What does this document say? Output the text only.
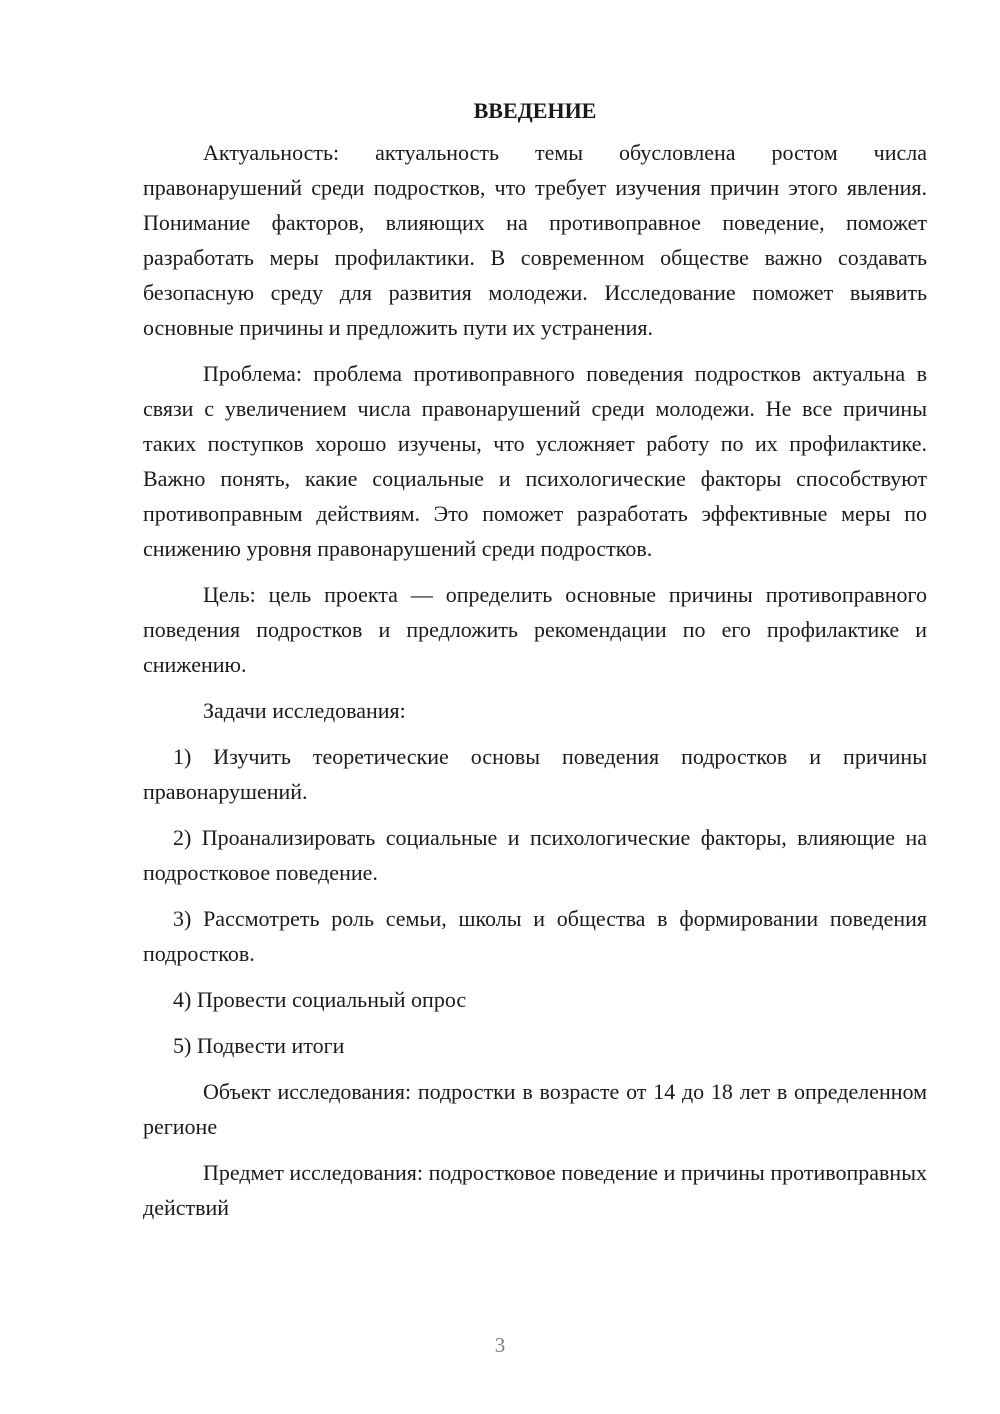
ВВЕДЕНИЕ

Актуальность: актуальность темы обусловлена ростом числа правонарушений среди подростков, что требует изучения причин этого явления. Понимание факторов, влияющих на противоправное поведение, поможет разработать меры профилактики. В современном обществе важно создавать безопасную среду для развития молодежи. Исследование поможет выявить основные причины и предложить пути их устранения.

Проблема: проблема противоправного поведения подростков актуальна в связи с увеличением числа правонарушений среди молодежи. Не все причины таких поступков хорошо изучены, что усложняет работу по их профилактике. Важно понять, какие социальные и психологические факторы способствуют противоправным действиям. Это поможет разработать эффективные меры по снижению уровня правонарушений среди подростков.

Цель: цель проекта — определить основные причины противоправного поведения подростков и предложить рекомендации по его профилактике и снижению.

Задачи исследования:

1) Изучить теоретические основы поведения подростков и причины правонарушений.

2) Проанализировать социальные и психологические факторы, влияющие на подростковое поведение.

3) Рассмотреть роль семьи, школы и общества в формировании поведения подростков.

4) Провести социальный опрос

5) Подвести итоги

Объект исследования: подростки в возрасте от 14 до 18 лет в определенном регионе

Предмет исследования: подростковое поведение и причины противоправных действий

3
